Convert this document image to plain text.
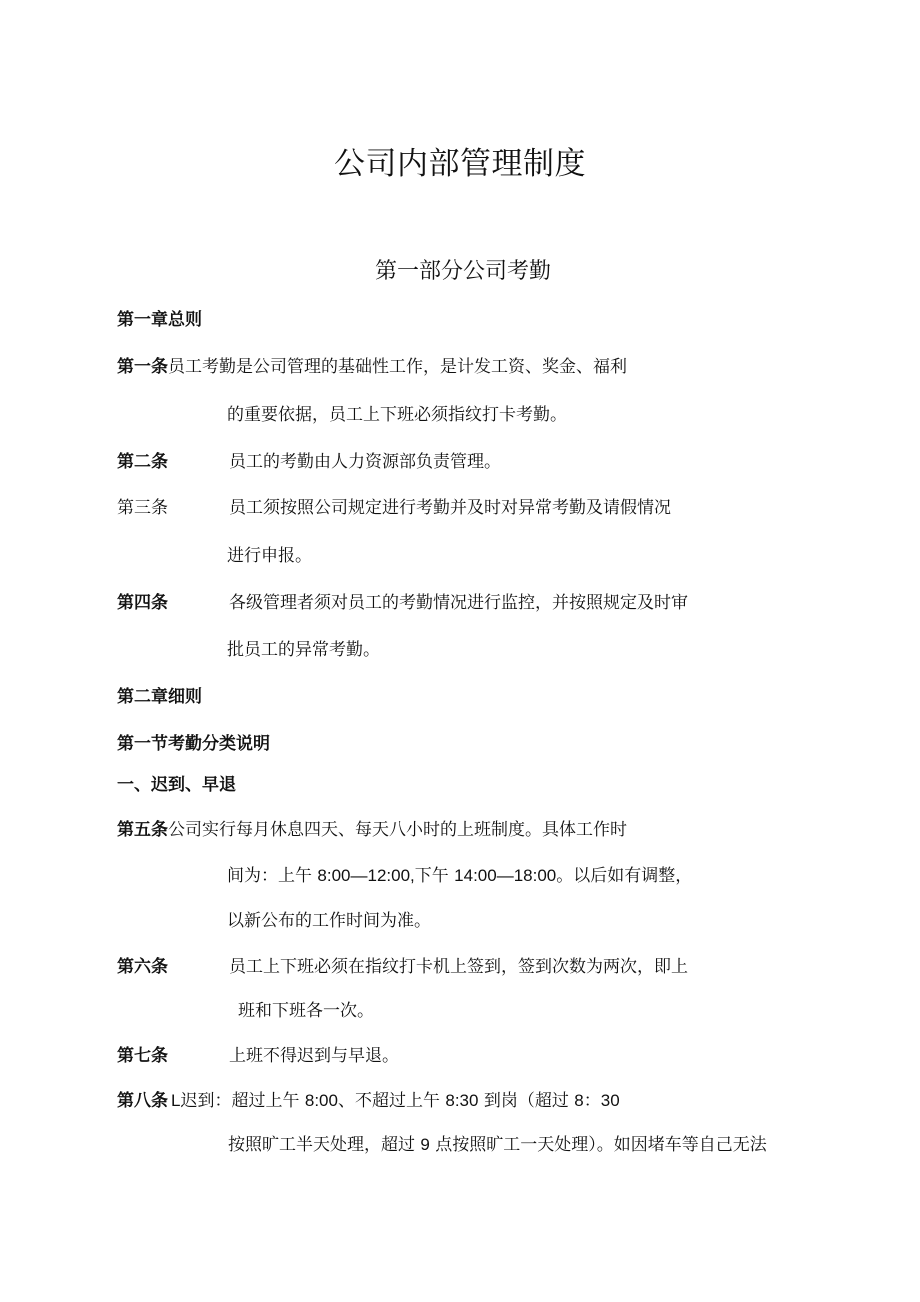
公司内部管理制度
第一部分公司考勤
第一章总则
第一条员工考勤是公司管理的基础性工作，是计发工资、奖金、福利
的重要依据，员工上下班必须指纹打卡考勤。
第二条	员工的考勤由人力资源部负责管理。
第三条	员工须按照公司规定进行考勤并及时对异常考勤及请假情况
进行申报。
第四条	各级管理者须对员工的考勤情况进行监控，并按照规定及时审
批员工的异常考勤。
第二章细则
第一节考勤分类说明
一、迟到、早退
第五条公司实行每月休息四天、每天八小时的上班制度。具体工作时
间为：上午 8:00—12:00,下午 14:00—18:00。以后如有调整，
以新公布的工作时间为准。
第六条	员工上下班必须在指纹打卡机上签到，签到次数为两次，即上
班和下班各一次。
第七条	上班不得迟到与早退。
第八条 L迟到：超过上午 8:00、不超过上午 8:30 到岗（超过 8：30
按照旷工半天处理，超过 9 点按照旷工一天处理）。如因堵车等自己无法
